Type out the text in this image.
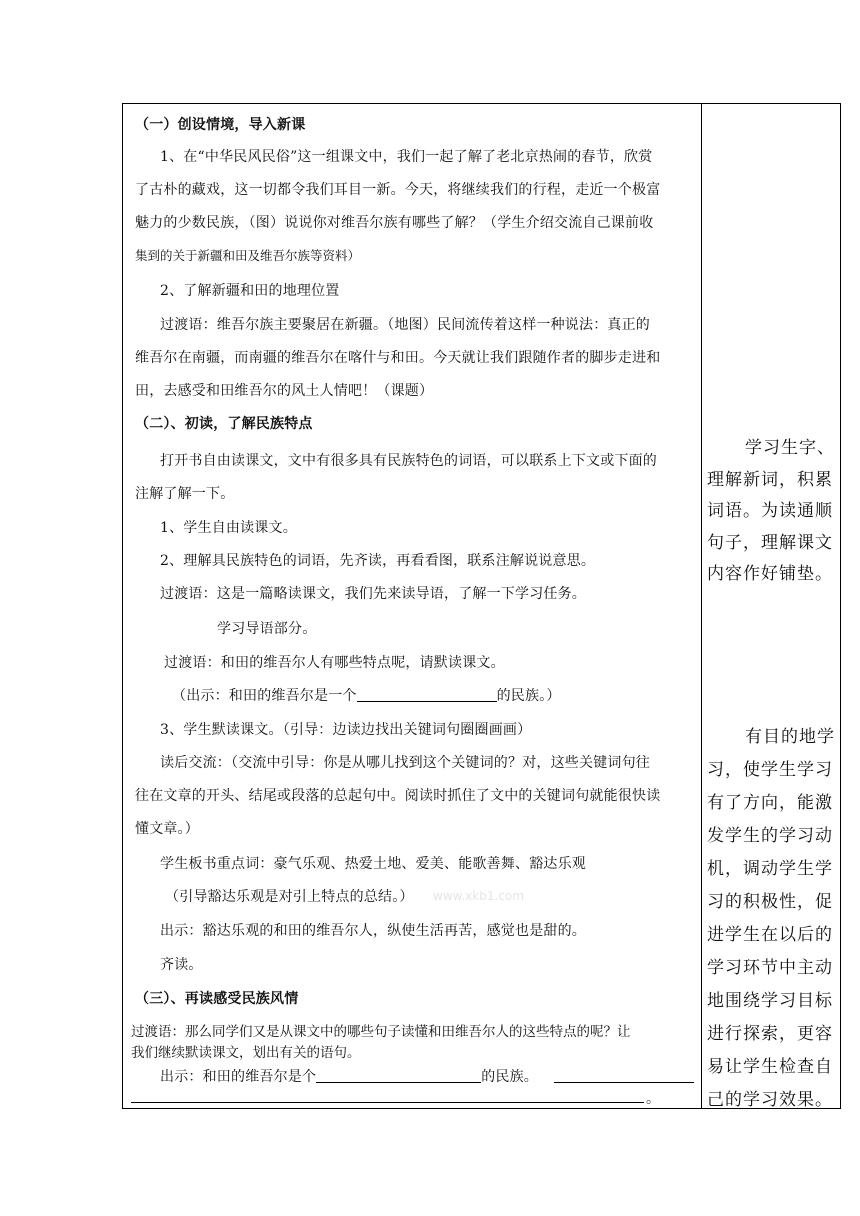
（一）创设情境，导入新课
1、在“中华民风民俗”这一组课文中，我们一起了解了老北京热闹的春节，欣赏
了古朴的藏戏，这一切都令我们耳目一新。今天，将继续我们的行程，走近一个极富
魅力的少数民族，（图）说说你对维吾尔族有哪些了解？（学生介绍交流自己课前收
集到的关于新疆和田及维吾尔族等资料）
2、了解新疆和田的地理位置
过渡语：维吾尔族主要聚居在新疆。（地图）民间流传着这样一种说法：真正的
维吾尔在南疆，而南疆的维吾尔在喀什与和田。今天就让我们跟随作者的脚步走进和
田，去感受和田维吾尔的风土人情吧！（课题）
（二）、初读，了解民族特点
打开书自由读课文，文中有很多具有民族特色的词语，可以联系上下文或下面的
注解了解一下。
1、学生自由读课文。
2、理解具民族特色的词语，先齐读，再看看图，联系注解说说意思。
过渡语：这是一篇略读课文，我们先来读导语，了解一下学习任务。
学习导语部分。
过渡语：和田的维吾尔人有哪些特点呢，请默读课文。
（出示：和田的维吾尔是一个	的民族。）
3、学生默读课文。（引导：边读边找出关键词句圈圈画画）
读后交流：（交流中引导：你是从哪儿找到这个关键词的？对，这些关键词句往
往在文章的开头、结尾或段落的总起句中。阅读时抓住了文中的关键词句就能很快读
懂文章。）
学生板书重点词：豪气乐观、热爱土地、爱美、能歌善舞、豁达乐观
（引导豁达乐观是对引上特点的总结。） www.xkb1.com
出示：豁达乐观的和田的维吾尔人，纵使生活再苦，感觉也是甜的。
齐读。
（三）、再读感受民族风情
过渡语：那么同学们又是从课文中的哪些句子读懂和田维吾尔人的这些特点的呢？让
我们继续默读课文，划出有关的语句。
出示：和田的维吾尔是个	的民族。
。
学习生字、
理解新词，积累
词语。为读通顺
句子，理解课文
内容作好铺垫。
有目的地学
习，使学生学习
有了方向，能激
发学生的学习动
机，调动学生学
习的积极性，促
进学生在以后的
学习环节中主动
地围绕学习目标
进行探索，更容
易让学生检查自
己的学习效果。
